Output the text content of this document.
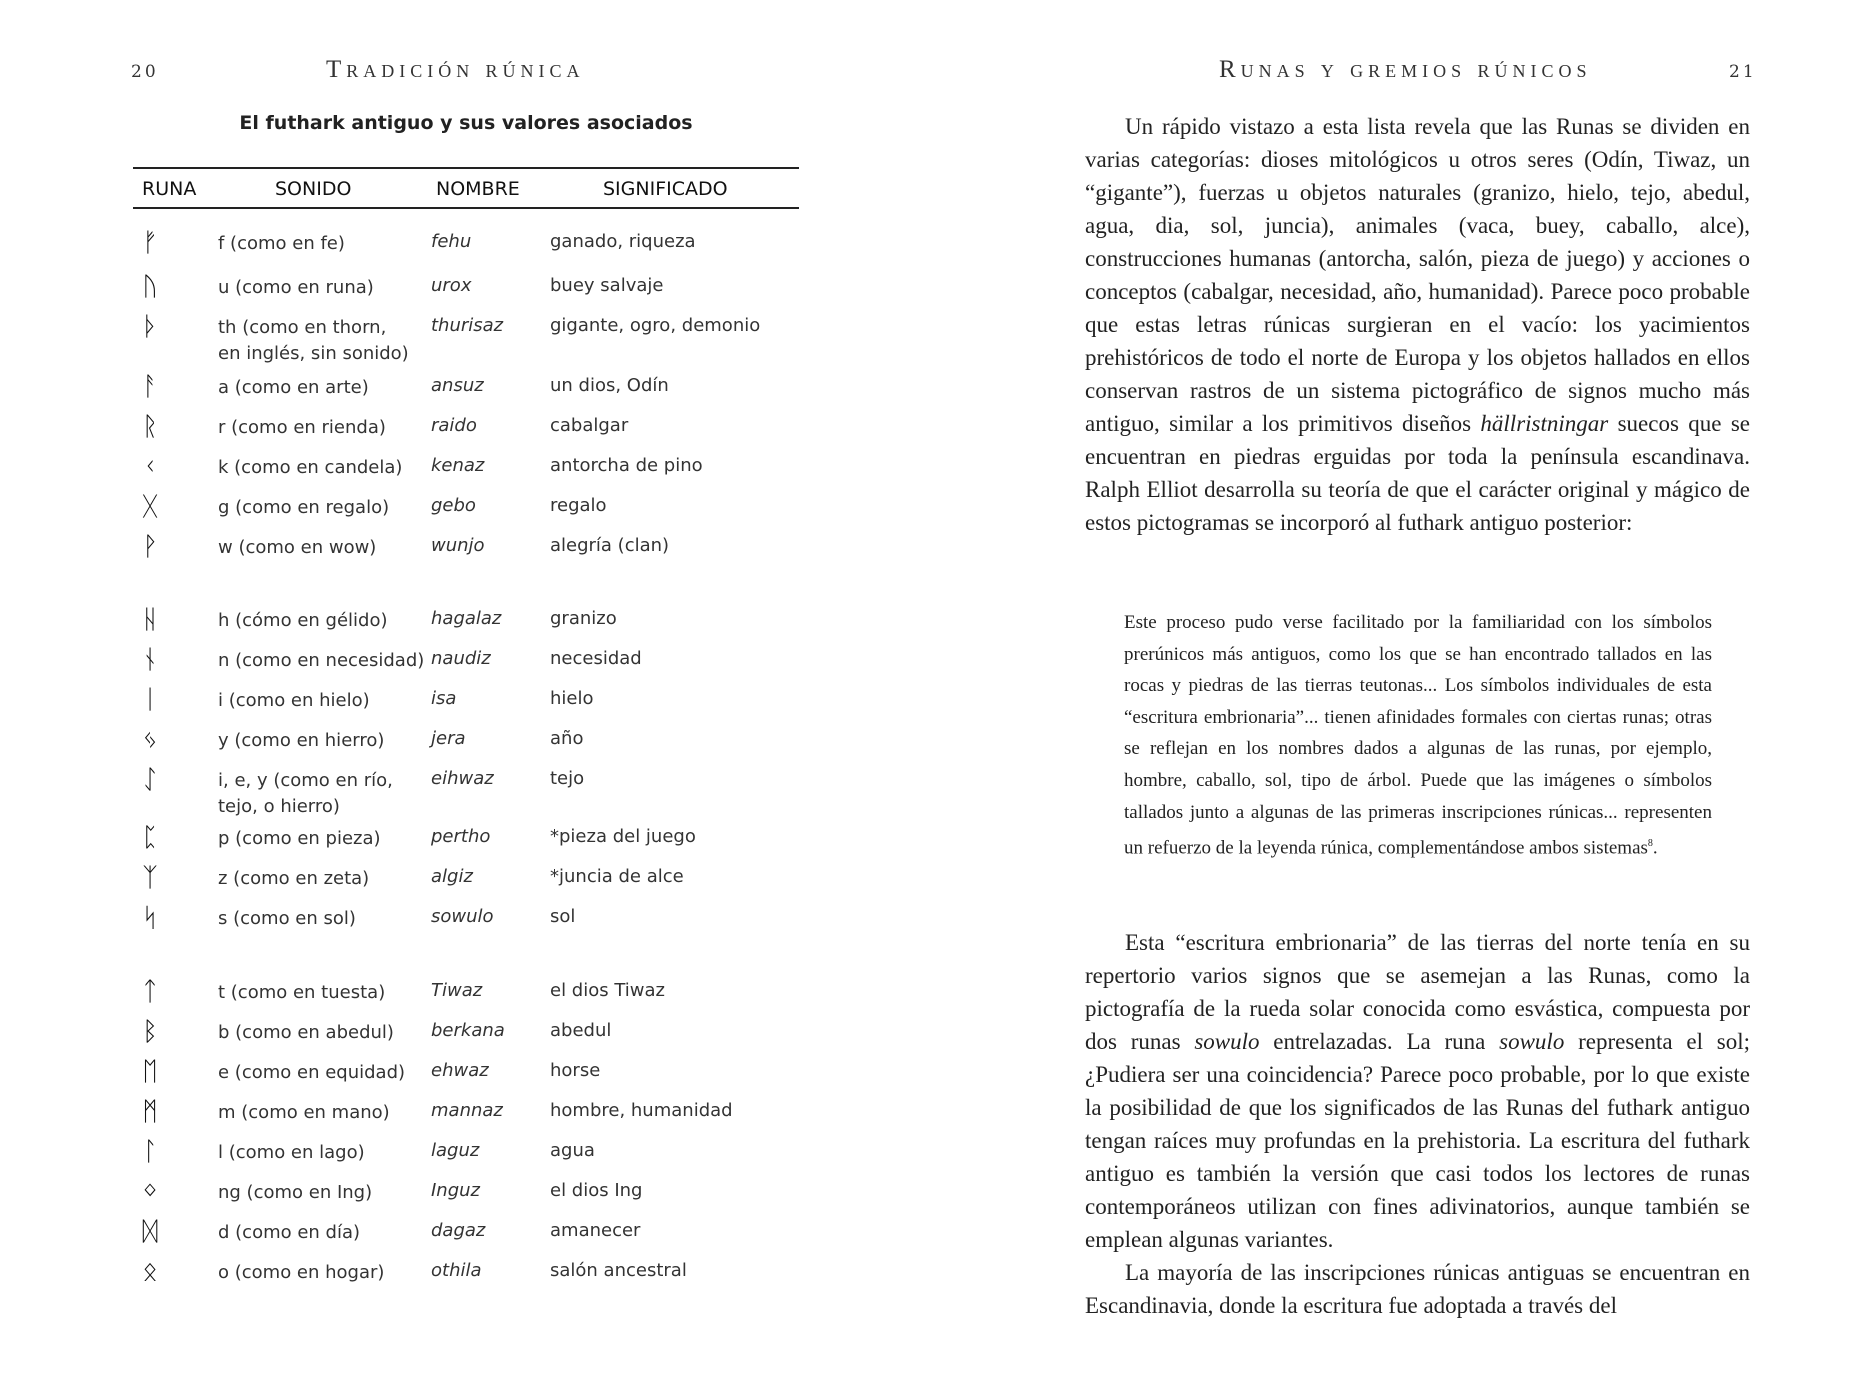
20	Tradición rúnica
El futhark antiguo y sus valores asociados
RUNA	SONIDO	NOMBRE	SIGNIFICADO
ᚠ	f (como en fe)	fehu	ganado, riqueza
ᚢ	u (como en runa)	urox	buey salvaje
ᚦ	th (como en thorn,
en inglés, sin sonido)
thurisaz	gigante, ogro, demonio
ᚨ	a (como en arte)	ansuz	un dios, Odín
ᚱ	r (como en rienda)	raido	cabalgar
ᚲ	k (como en candela) kenaz	antorcha de pino
ᚷ	g (como en regalo) gebo	regalo
ᚹ	w (como en wow)	wunjo	alegría (clan)
ᚺ	h (cómo en gélido) hagalaz	granizo
ᚾ	n (como en necesidad) naudiz	necesidad
ᛁ	i (como en hielo)	isa	hielo
ᛃ	y (como en hierro)	jera	año
ᛇ	i, e, y (como en río,
tejo, o hierro)
eihwaz	tejo
ᛈ	p (como en pieza)	pertho	*pieza del juego
ᛉ	z (como en zeta)	algiz	*juncia de alce
ᛋ	s (como en sol)	sowulo	sol
ᛏ	t (como en tuesta)	Tiwaz	el dios Tiwaz
ᛒ	b (como en abedul) berkana	abedul
ᛖ	e (como en equidad) ehwaz	horse
ᛗ	m (como en mano) mannaz	hombre, humanidad
ᛚ	l (como en lago)	laguz	agua
ᛜ	ng (como en Ing)	Inguz	el dios Ing
ᛞ	d (como en día)	dagaz	amanecer
ᛟ	o (como en hogar)	othila	salón ancestral
Runas y gremios rúnicos	21

Un rápido vistazo a esta lista revela que las Runas se dividen en varias categorías: dioses mitológicos u otros seres (Odín, Tiwaz, un “gigante”), fuerzas u objetos naturales (granizo, hielo, tejo, abedul, agua, dia, sol, juncia), animales (vaca, buey, caballo, alce), construcciones humanas (antorcha, salón, pieza de juego) y acciones o conceptos (cabalgar, necesidad, año, humanidad). Parece poco probable que estas letras rúnicas surgieran en el vacío: los yacimientos prehistóricos de todo el norte de Europa y los objetos hallados en ellos conservan rastros de un sistema pictográfico de signos mucho más antiguo, similar a los primitivos diseños hällristningar suecos que se encuentran en piedras erguidas por toda la península escandinava. Ralph Elliot desarrolla su teoría de que el carácter original y mágico de estos pictogramas se incorporó al futhark antiguo posterior:

Este proceso pudo verse facilitado por la familiaridad con los símbolos prerúnicos más antiguos, como los que se han encontrado tallados en las rocas y piedras de las tierras teutonas... Los símbolos individuales de esta “escritura embrionaria”... tienen afinidades formales con ciertas runas; otras se reflejan en los nombres dados a algunas de las runas, por ejemplo, hombre, caballo, sol, tipo de árbol. Puede que las imágenes o símbolos tallados junto a algunas de las primeras inscripciones rúnicas... representen un refuerzo de la leyenda rúnica, complementándose ambos sistemas$^8$.

Esta “escritura embrionaria” de las tierras del norte tenía en su repertorio varios signos que se asemejan a las Runas, como la pictografía de la rueda solar conocida como esvástica, compuesta por dos runas sowulo entrelazadas. La runa sowulo representa el sol; ¿Pudiera ser una coincidencia? Parece poco probable, por lo que existe la posibilidad de que los significados de las Runas del futhark antiguo tengan raíces muy profundas en la prehistoria. La escritura del futhark antiguo es también la versión que casi todos los lectores de runas contemporáneos utilizan con fines adivinatorios, aunque también se emplean algunas variantes.

La mayoría de las inscripciones rúnicas antiguas se encuentran en Escandinavia, donde la escritura fue adoptada a través del
